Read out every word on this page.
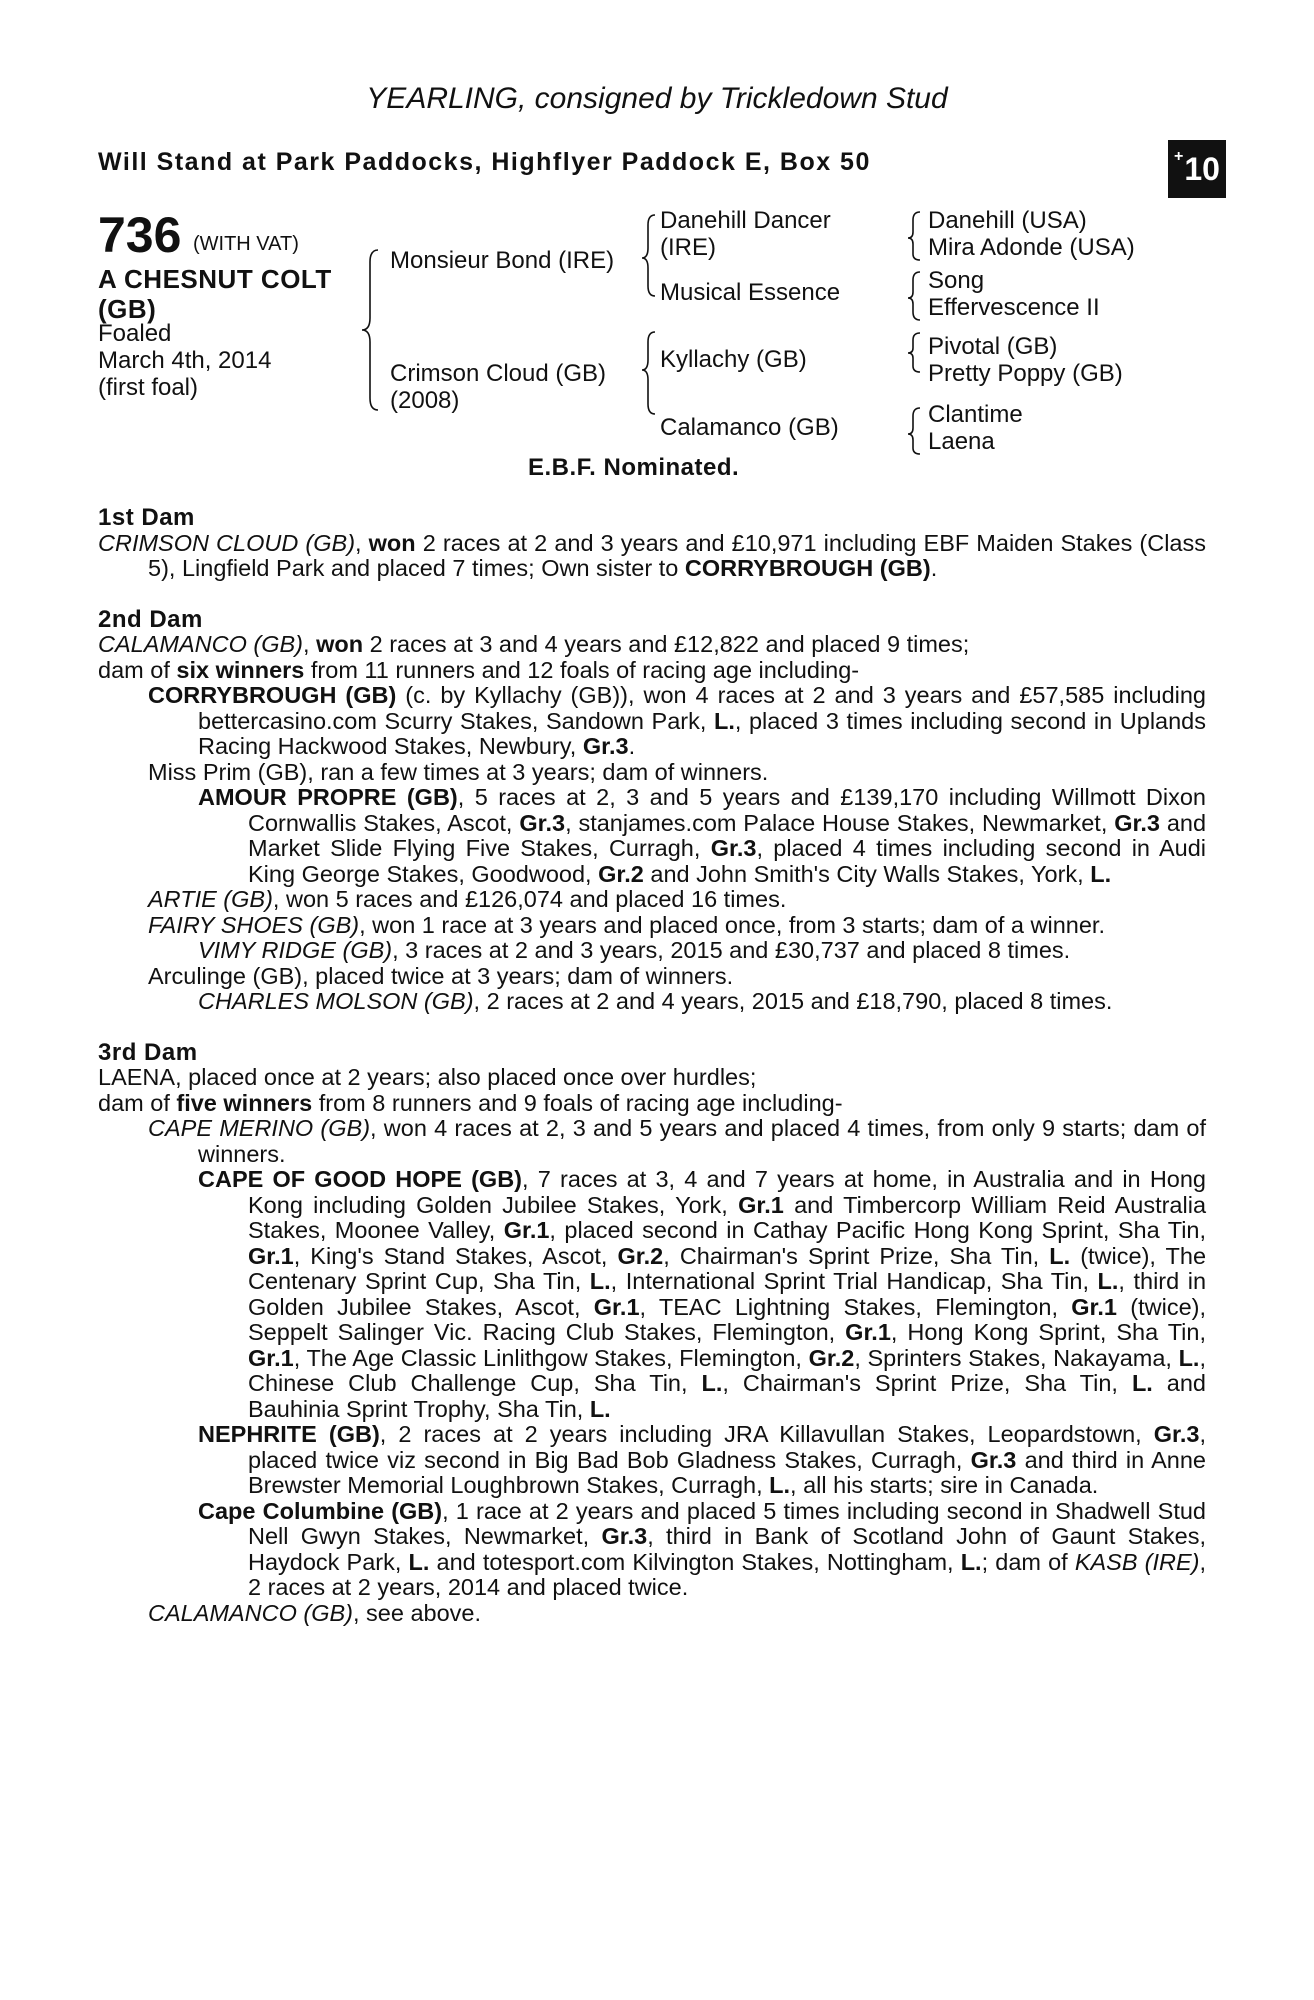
YEARLING, consigned by Trickledown Stud
Will Stand at Park Paddocks, Highflyer Paddock E, Box 50	+ 10
736 (WITH VAT)
A CHESNUT COLT
(GB)
Foaled
March 4th, 2014
(first foal)
Monsieur Bond (IRE)
Crimson Cloud (GB)
(2008)
Danehill Dancer
(IRE)
Musical Essence
Kyllachy (GB)
Calamanco (GB)
Danehill (USA)
Mira Adonde (USA)
Song
Effervescence II
Pivotal (GB)
Pretty Poppy (GB)
Clantime
Laena
E.B.F. Nominated.
1st Dam
CRIMSON CLOUD (GB), won 2 races at 2 and 3 years and £10,971 including EBF Maiden Stakes (Class 5), Lingfield Park and placed 7 times; Own sister to CORRYBROUGH (GB).
2nd Dam
CALAMANCO (GB), won 2 races at 3 and 4 years and £12,822 and placed 9 times;
dam of six winners from 11 runners and 12 foals of racing age including-
CORRYBROUGH (GB) (c. by Kyllachy (GB)), won 4 races at 2 and 3 years and £57,585 including bettercasino.com Scurry Stakes, Sandown Park, L., placed 3 times including second in Uplands Racing Hackwood Stakes, Newbury, Gr.3.
Miss Prim (GB), ran a few times at 3 years; dam of winners.
AMOUR PROPRE (GB), 5 races at 2, 3 and 5 years and £139,170 including Willmott Dixon Cornwallis Stakes, Ascot, Gr.3, stanjames.com Palace House Stakes, Newmarket, Gr.3 and Market Slide Flying Five Stakes, Curragh, Gr.3, placed 4 times including second in Audi King George Stakes, Goodwood, Gr.2 and John Smith's City Walls Stakes, York, L.
ARTIE (GB), won 5 races and £126,074 and placed 16 times.
FAIRY SHOES (GB), won 1 race at 3 years and placed once, from 3 starts; dam of a winner.
VIMY RIDGE (GB), 3 races at 2 and 3 years, 2015 and £30,737 and placed 8 times.
Arculinge (GB), placed twice at 3 years; dam of winners.
CHARLES MOLSON (GB), 2 races at 2 and 4 years, 2015 and £18,790, placed 8 times.
3rd Dam
LAENA, placed once at 2 years; also placed once over hurdles;
dam of five winners from 8 runners and 9 foals of racing age including-
CAPE MERINO (GB), won 4 races at 2, 3 and 5 years and placed 4 times, from only 9 starts; dam of winners.
CAPE OF GOOD HOPE (GB), 7 races at 3, 4 and 7 years at home, in Australia and in Hong Kong including Golden Jubilee Stakes, York, Gr.1 and Timbercorp William Reid Australia Stakes, Moonee Valley, Gr.1, placed second in Cathay Pacific Hong Kong Sprint, Sha Tin, Gr.1, King's Stand Stakes, Ascot, Gr.2, Chairman's Sprint Prize, Sha Tin, L. (twice), The Centenary Sprint Cup, Sha Tin, L., International Sprint Trial Handicap, Sha Tin, L., third in Golden Jubilee Stakes, Ascot, Gr.1, TEAC Lightning Stakes, Flemington, Gr.1 (twice), Seppelt Salinger Vic. Racing Club Stakes, Flemington, Gr.1, Hong Kong Sprint, Sha Tin, Gr.1, The Age Classic Linlithgow Stakes, Flemington, Gr.2, Sprinters Stakes, Nakayama, L., Chinese Club Challenge Cup, Sha Tin, L., Chairman's Sprint Prize, Sha Tin, L. and Bauhinia Sprint Trophy, Sha Tin, L.
NEPHRITE (GB), 2 races at 2 years including JRA Killavullan Stakes, Leopardstown, Gr.3, placed twice viz second in Big Bad Bob Gladness Stakes, Curragh, Gr.3 and third in Anne Brewster Memorial Loughbrown Stakes, Curragh, L., all his starts; sire in Canada.
Cape Columbine (GB), 1 race at 2 years and placed 5 times including second in Shadwell Stud Nell Gwyn Stakes, Newmarket, Gr.3, third in Bank of Scotland John of Gaunt Stakes, Haydock Park, L. and totesport.com Kilvington Stakes, Nottingham, L.; dam of KASB (IRE), 2 races at 2 years, 2014 and placed twice.
CALAMANCO (GB), see above.
